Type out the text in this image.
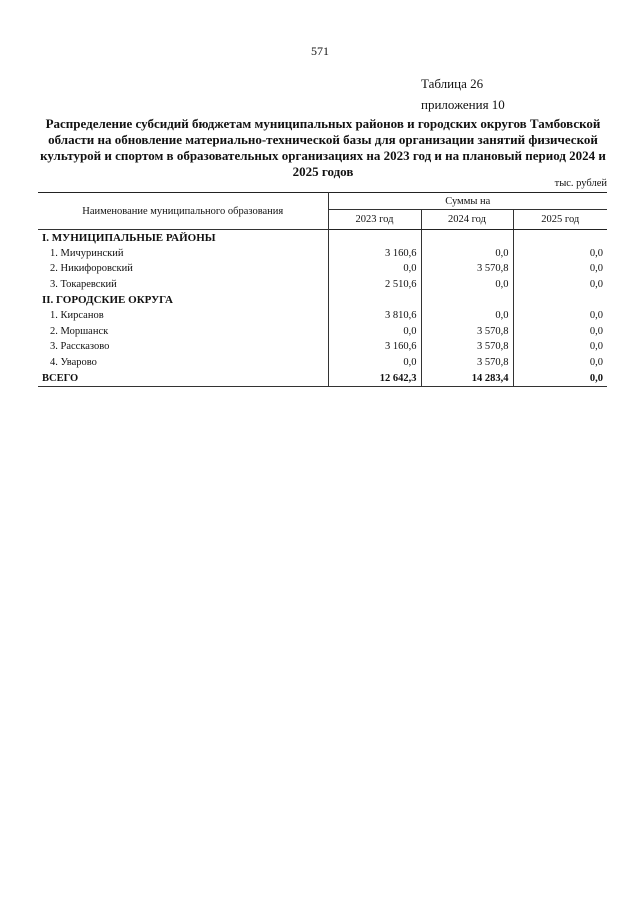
571
Таблица 26
приложения 10
Распределение субсидий бюджетам муниципальных районов и городских округов Тамбовской области на обновление материально-технической базы для организации занятий физической культурой и спортом в образовательных организациях на 2023 год и на плановый период 2024 и 2025 годов
тыс. рублей
Наименование муниципального образования	Суммы на		
	2023 год	2024 год	2025 год
I. МУНИЦИПАЛЬНЫЕ РАЙОНЫ			
1. Мичуринский	3 160,6	0,0	0,0
2. Никифоровский	0,0	3 570,8	0,0
3. Токаревский	2 510,6	0,0	0,0
II. ГОРОДСКИЕ ОКРУГА			
1. Кирсанов	3 810,6	0,0	0,0
2. Моршанск	0,0	3 570,8	0,0
3. Рассказово	3 160,6	3 570,8	0,0
4. Уварово	0,0	3 570,8	0,0
ВСЕГО	12 642,3	14 283,4	0,0
